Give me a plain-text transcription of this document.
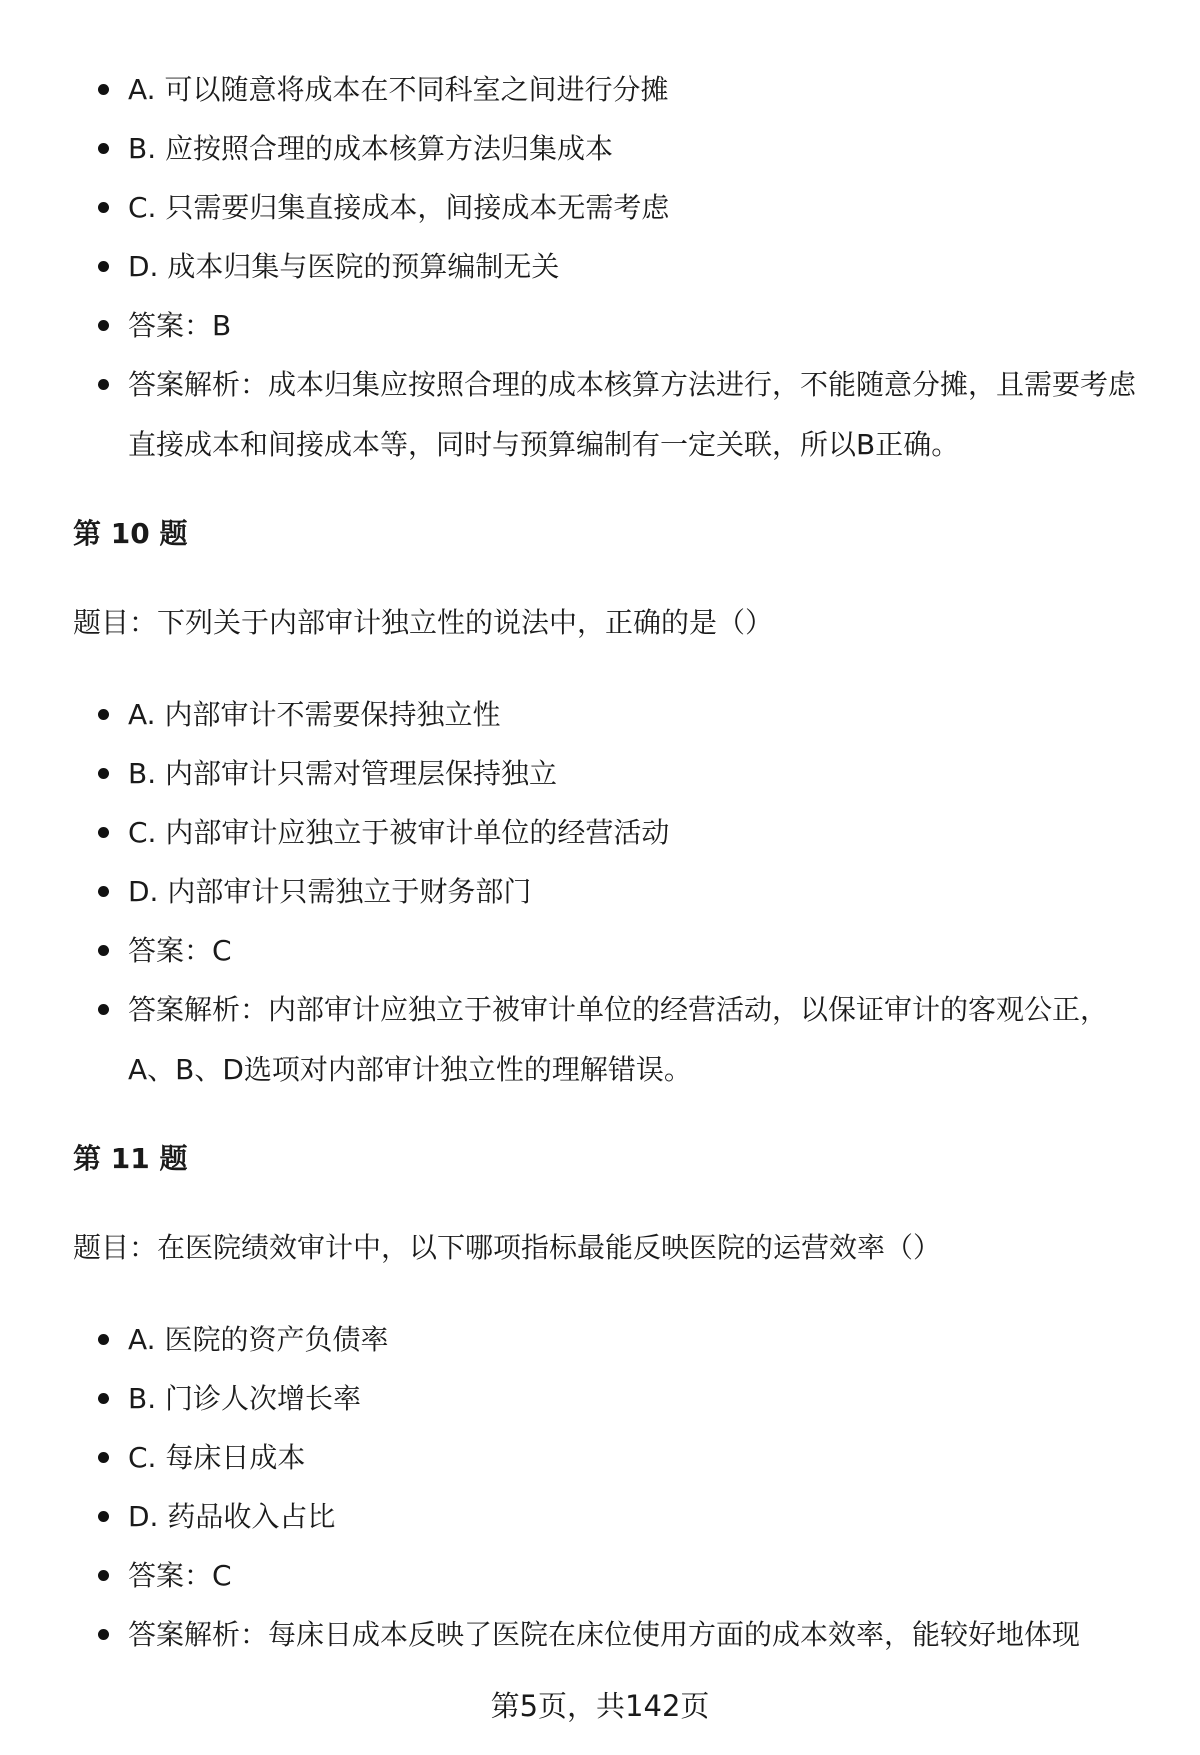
A. 可以随意将成本在不同科室之间进行分摊
B. 应按照合理的成本核算方法归集成本
C. 只需要归集直接成本，间接成本无需考虑
D. 成本归集与医院的预算编制无关
答案：B
答案解析：成本归集应按照合理的成本核算方法进行，不能随意分摊，且需要考虑直接成本和间接成本等，同时与预算编制有一定关联，所以B正确。
第 10 题
题目：下列关于内部审计独立性的说法中，正确的是（）
A. 内部审计不需要保持独立性
B. 内部审计只需对管理层保持独立
C. 内部审计应独立于被审计单位的经营活动
D. 内部审计只需独立于财务部门
答案：C
答案解析：内部审计应独立于被审计单位的经营活动，以保证审计的客观公正，A、B、D选项对内部审计独立性的理解错误。
第 11 题
题目：在医院绩效审计中，以下哪项指标最能反映医院的运营效率（）
A. 医院的资产负债率
B. 门诊人次增长率
C. 每床日成本
D. 药品收入占比
答案：C
答案解析：每床日成本反映了医院在床位使用方面的成本效率，能较好地体现
第5页，共142页
